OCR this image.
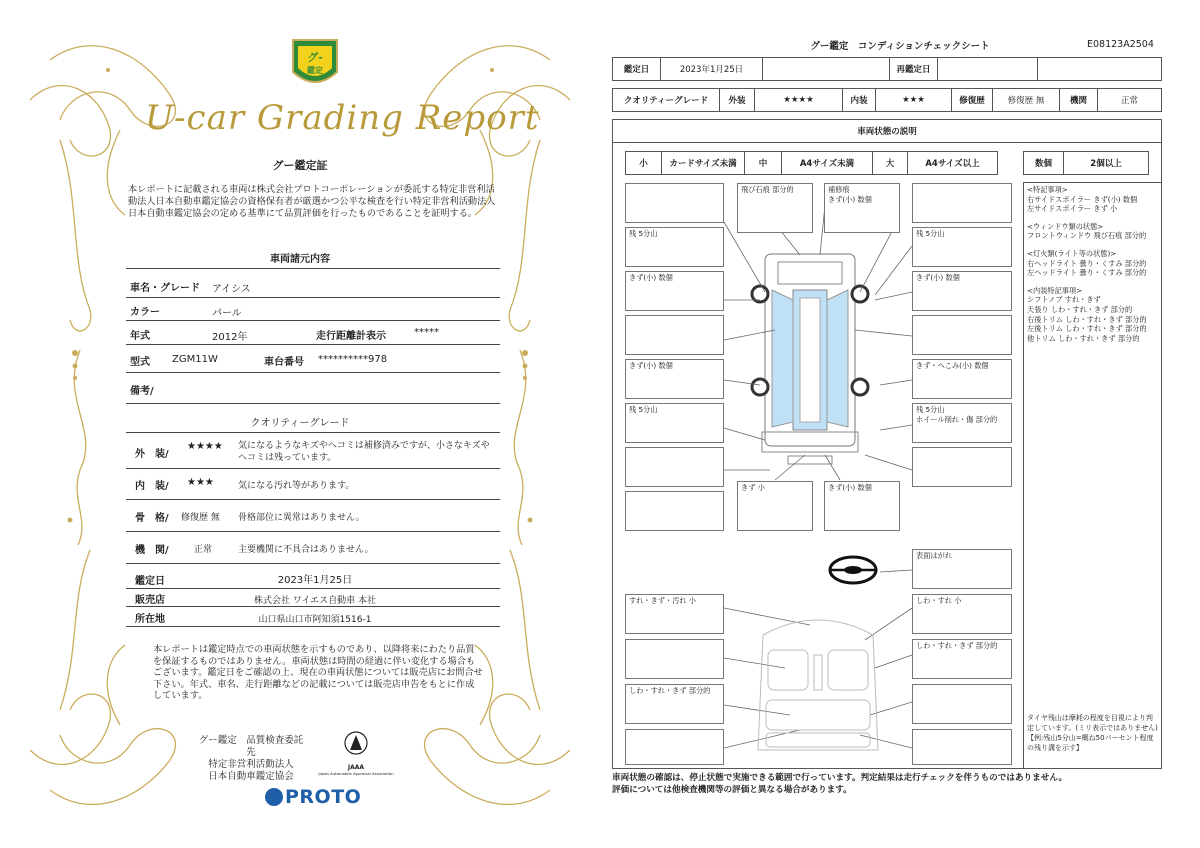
グ-
鑑定
U-car Grading Report
グー鑑定証
本レポートに記載される車両は株式会社プロトコーポレーションが委託する特定非営利活動法人日本自動車鑑定協会の資格保有者が厳選かつ公平な検査を行い特定非営利活動法人日本自動車鑑定協会の定める基準にて品質評価を行ったものであることを証明する。
車両諸元内容
車名・グレード アイシス
カラー	パール
年式	2012年	走行距離計表示	*****
型式 ZGM11W	車台番号 **********978
備考/
クオリティーグレード
外　装/
★★★★ 気になるようなキズやヘコミは補修済みですが、小さなキズやヘコミは残っています。
内　装/ ★★★	気になる汚れ等があります。
骨　格/ 修復歴 無 骨格部位に異常はありません。
機　関/	正常	主要機関に不具合はありません。
鑑定日	2023年1月25日
販売店	株式会社 ワイエス自動車 本社
所在地	山口県山口市阿知須1516-1
本レポートは鑑定時点での車両状態を示すものであり、以降将来にわたり品質を保証するものではありません。車両状態は時間の経過に伴い変化する場合もございます。鑑定日をご確認の上、現在の車両状態については販売店にお問合せ下さい。年式、車名、走行距離などの記載については販売店申告をもとに作成しています。
グー鑑定　品質検査委託先
特定非営利活動法人
日本自動車鑑定協会
JAAA
Japan Automobile Appraisal Association
PROTO
グー鑑定　コンディションチェックシート	E08123A2504
鑑定日	2023年1月25日	再鑑定日
クオリティーグレード	外装	★★★★	内装	★★★	修復歴	修復歴 無	機関	正常
車両状態の説明
小	カードサイズ未満	中	A4サイズ未満	大	A4サイズ以上	数個	2個以上
飛び石痕 部分的	補修痕
きず(小) 数個
残 5分山	残 5分山
きず(小) 数個	きず(小) 数個
きず(小) 数個	きず・へこみ(小) 数個
残 5分山	残 5分山
ホイール削れ・傷 部分的
きず 小	きず(小) 数個
表面はがれ
すれ・きず・汚れ 小	しわ・すれ 小
しわ・すれ・きず 部分的
しわ・すれ・きず 部分的
<特記事項>
右サイドスポイラー きず(小) 数個
左サイドスポイラー きず 小
<ウィンドウ類の状態>
フロントウィンドウ 飛び石痕 部分的
<灯火類(ライト等の状態)>
右ヘッドライト 曇り・くすみ 部分的
左ヘッドライト 曇り・くすみ 部分的
<内装特記事項>
シフトノブ すれ・きず
天張り しわ・すれ・きず 部分的
右後トリム しわ・すれ・きず 部分的
左後トリム しわ・すれ・きず 部分的
他トリム しわ・すれ・きず 部分的
タイヤ残山は摩耗の程度を目視により判定しています。(ミリ表示ではありません)【例:残山5分山=概ね50パーセント程度の残り溝を示す】
車両状態の確認は、停止状態で実施できる範囲で行っています。判定結果は走行チェックを伴うものではありません。
評価については他検査機関等の評価と異なる場合があります。
